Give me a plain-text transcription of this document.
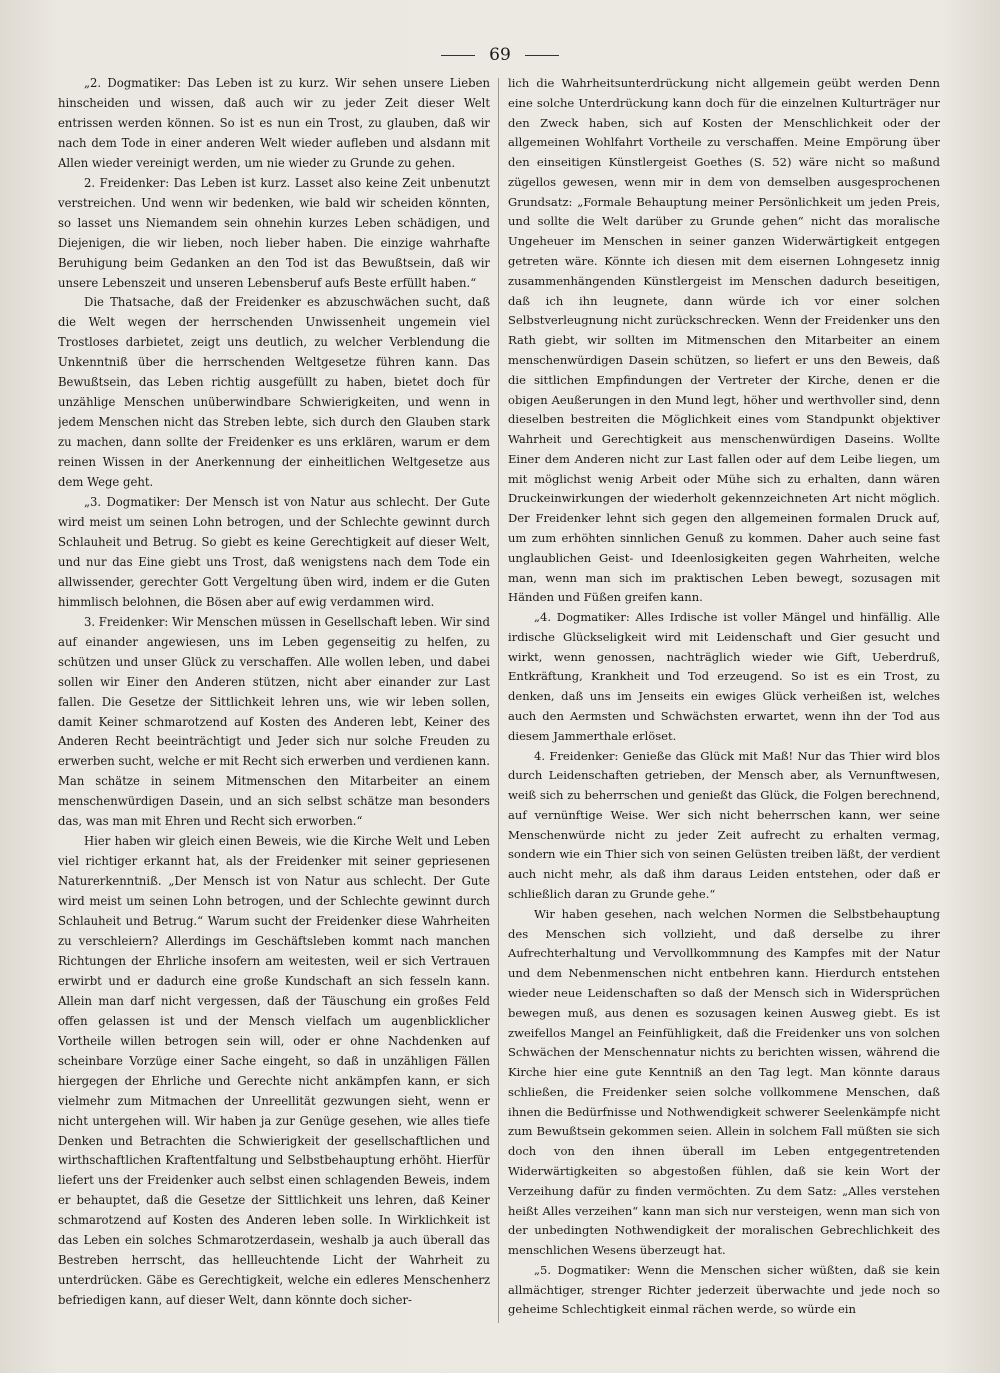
69

„2. Dogmatiker: Das Leben ist zu kurz. Wir sehen unsere Lieben hinscheiden und wissen, daß auch wir zu jeder Zeit dieser Welt entrissen werden können. So ist es nun ein Trost, zu glauben, daß wir nach dem Tode in einer anderen Welt wieder aufleben und alsdann mit Allen wieder vereinigt werden, um nie wieder zu Grunde zu gehen.

2. Freidenker: Das Leben ist kurz. Lasset also keine Zeit unbenutzt verstreichen. Und wenn wir bedenken, wie bald wir scheiden könnten, so lasset uns Niemandem sein ohnehin kurzes Leben schädigen, und Diejenigen, die wir lieben, noch lieber haben. Die einzige wahrhafte Beruhigung beim Gedanken an den Tod ist das Bewußtsein, daß wir unsere Lebenszeit und unseren Lebensberuf aufs Beste erfüllt haben.“

Die Thatsache, daß der Freidenker es abzuschwächen sucht, daß die Welt wegen der herrschenden Unwissenheit ungemein viel Trostloses darbietet, zeigt uns deutlich, zu welcher Verblendung die Unkenntniß über die herrschenden Weltgesetze führen kann. Das Bewußtsein, das Leben richtig ausgefüllt zu haben, bietet doch für unzählige Menschen unüberwindbare Schwierigkeiten, und wenn in jedem Menschen nicht das Streben lebte, sich durch den Glauben stark zu machen, dann sollte der Freidenker es uns erklären, warum er dem reinen Wissen in der Anerkennung der einheitlichen Weltgesetze aus dem Wege geht.

„3. Dogmatiker: Der Mensch ist von Natur aus schlecht. Der Gute wird meist um seinen Lohn betrogen, und der Schlechte gewinnt durch Schlauheit und Betrug. So giebt es keine Gerechtigkeit auf dieser Welt, und nur das Eine giebt uns Trost, daß wenigstens nach dem Tode ein allwissender, gerechter Gott Vergeltung üben wird, indem er die Guten himmlisch belohnen, die Bösen aber auf ewig verdammen wird.

3. Freidenker: Wir Menschen müssen in Gesellschaft leben. Wir sind auf einander angewiesen, uns im Leben gegenseitig zu helfen, zu schützen und unser Glück zu verschaffen. Alle wollen leben, und dabei sollen wir Einer den Anderen stützen, nicht aber einander zur Last fallen. Die Gesetze der Sittlichkeit lehren uns, wie wir leben sollen, damit Keiner schmarotzend auf Kosten des Anderen lebt, Keiner des Anderen Recht beeinträchtigt und Jeder sich nur solche Freuden zu erwerben sucht, welche er mit Recht sich erwerben und verdienen kann. Man schätze in seinem Mitmenschen den Mitarbeiter an einem menschenwürdigen Dasein, und an sich selbst schätze man besonders das, was man mit Ehren und Recht sich erworben.“

Hier haben wir gleich einen Beweis, wie die Kirche Welt und Leben viel richtiger erkannt hat, als der Freidenker mit seiner gepriesenen Naturerkenntniß. „Der Mensch ist von Natur aus schlecht. Der Gute wird meist um seinen Lohn betrogen, und der Schlechte gewinnt durch Schlauheit und Betrug.“ Warum sucht der Freidenker diese Wahrheiten zu verschleiern? Allerdings im Geschäftsleben kommt nach manchen Richtungen der Ehrliche insofern am weitesten, weil er sich Vertrauen erwirbt und er dadurch eine große Kundschaft an sich fesseln kann. Allein man darf nicht vergessen, daß der Täuschung ein großes Feld offen gelassen ist und der Mensch vielfach um augenblicklicher Vortheile willen betrogen sein will, oder er ohne Nachdenken auf scheinbare Vorzüge einer Sache eingeht, so daß in unzähligen Fällen hiergegen der Ehrliche und Gerechte nicht ankämpfen kann, er sich vielmehr zum Mitmachen der Unreellität gezwungen sieht, wenn er nicht untergehen will. Wir haben ja zur Genüge gesehen, wie alles tiefe Denken und Betrachten die Schwierigkeit der gesellschaftlichen und wirthschaftlichen Kraftentfaltung und Selbstbehauptung erhöht. Hierfür liefert uns der Freidenker auch selbst einen schlagenden Beweis, indem er behauptet, daß die Gesetze der Sittlichkeit uns lehren, daß Keiner schmarotzend auf Kosten des Anderen leben solle. In Wirklichkeit ist das Leben ein solches Schmarotzerdasein, weshalb ja auch überall das Bestreben herrscht, das hellleuchtende Licht der Wahrheit zu unterdrücken. Gäbe es Gerechtigkeit, welche ein edleres Menschenherz befriedigen kann, auf dieser Welt, dann könnte doch sicher-

lich die Wahrheitsunterdrückung nicht allgemein geübt werden Denn eine solche Unterdrückung kann doch für die einzelnen Kulturträger nur den Zweck haben, sich auf Kosten der Menschlichkeit oder der allgemeinen Wohlfahrt Vortheile zu verschaffen. Meine Empörung über den einseitigen Künstlergeist Goethes (S. 52) wäre nicht so maßund zügellos gewesen, wenn mir in dem von demselben ausgesprochenen Grundsatz: „Formale Behauptung meiner Persönlichkeit um jeden Preis, und sollte die Welt darüber zu Grunde gehen“ nicht das moralische Ungeheuer im Menschen in seiner ganzen Widerwärtigkeit entgegen getreten wäre. Könnte ich diesen mit dem eisernen Lohngesetz innig zusammenhängenden Künstlergeist im Menschen dadurch beseitigen, daß ich ihn leugnete, dann würde ich vor einer solchen Selbstverleugnung nicht zurückschrecken. Wenn der Freidenker uns den Rath giebt, wir sollten im Mitmenschen den Mitarbeiter an einem menschenwürdigen Dasein schützen, so liefert er uns den Beweis, daß die sittlichen Empfindungen der Vertreter der Kirche, denen er die obigen Aeußerungen in den Mund legt, höher und werthvoller sind, denn dieselben bestreiten die Möglichkeit eines vom Standpunkt objektiver Wahrheit und Gerechtigkeit aus menschenwürdigen Daseins. Wollte Einer dem Anderen nicht zur Last fallen oder auf dem Leibe liegen, um mit möglichst wenig Arbeit oder Mühe sich zu erhalten, dann wären Druckeinwirkungen der wiederholt gekennzeichneten Art nicht möglich. Der Freidenker lehnt sich gegen den allgemeinen formalen Druck auf, um zum erhöhten sinnlichen Genuß zu kommen. Daher auch seine fast unglaublichen Geist- und Ideenlosigkeiten gegen Wahrheiten, welche man, wenn man sich im praktischen Leben bewegt, sozusagen mit Händen und Füßen greifen kann.

„4. Dogmatiker: Alles Irdische ist voller Mängel und hinfällig. Alle irdische Glückseligkeit wird mit Leidenschaft und Gier gesucht und wirkt, wenn genossen, nachträglich wieder wie Gift, Ueberdruß, Entkräftung, Krankheit und Tod erzeugend. So ist es ein Trost, zu denken, daß uns im Jenseits ein ewiges Glück verheißen ist, welches auch den Aermsten und Schwächsten erwartet, wenn ihn der Tod aus diesem Jammerthale erlöset.

4. Freidenker: Genieße das Glück mit Maß! Nur das Thier wird blos durch Leidenschaften getrieben, der Mensch aber, als Vernunftwesen, weiß sich zu beherrschen und genießt das Glück, die Folgen berechnend, auf vernünftige Weise. Wer sich nicht beherrschen kann, wer seine Menschenwürde nicht zu jeder Zeit aufrecht zu erhalten vermag, sondern wie ein Thier sich von seinen Gelüsten treiben läßt, der verdient auch nicht mehr, als daß ihm daraus Leiden entstehen, oder daß er schließlich daran zu Grunde gehe.“

Wir haben gesehen, nach welchen Normen die Selbstbehauptung des Menschen sich vollzieht, und daß derselbe zu ihrer Aufrechterhaltung und Vervollkommnung des Kampfes mit der Natur und dem Nebenmenschen nicht entbehren kann. Hierdurch entstehen wieder neue Leidenschaften so daß der Mensch sich in Widersprüchen bewegen muß, aus denen es sozusagen keinen Ausweg giebt. Es ist zweifellos Mangel an Feinfühligkeit, daß die Freidenker uns von solchen Schwächen der Menschennatur nichts zu berichten wissen, während die Kirche hier eine gute Kenntniß an den Tag legt. Man könnte daraus schließen, die Freidenker seien solche vollkommene Menschen, daß ihnen die Bedürfnisse und Nothwendigkeit schwerer Seelenkämpfe nicht zum Bewußtsein gekommen seien. Allein in solchem Fall müßten sie sich doch von den ihnen überall im Leben entgegentretenden Widerwärtigkeiten so abgestoßen fühlen, daß sie kein Wort der Verzeihung dafür zu finden vermöchten. Zu dem Satz: „Alles verstehen heißt Alles verzeihen“ kann man sich nur versteigen, wenn man sich von der unbedingten Nothwendigkeit der moralischen Gebrechlichkeit des menschlichen Wesens überzeugt hat.

„5. Dogmatiker: Wenn die Menschen sicher wüßten, daß sie kein allmächtiger, strenger Richter jederzeit überwachte und jede noch so geheime Schlechtigkeit einmal rächen werde, so würde ein
